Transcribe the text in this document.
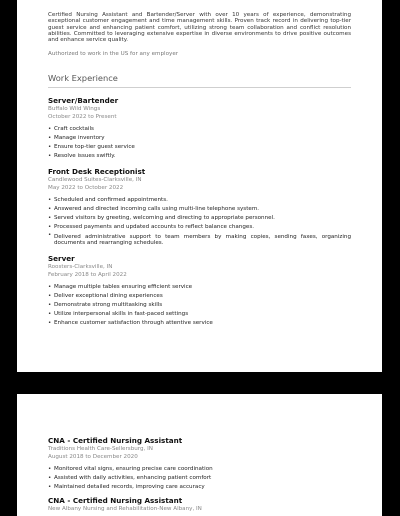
Certified Nursing Assistant and Bartender/Server with over 10 years of experience, demonstrating exceptional customer engagement and time management skills. Proven track record in delivering top-tier guest service and enhancing patient comfort, utilizing strong team collaboration and conflict resolution abilities. Committed to leveraging extensive expertise in diverse environments to drive positive outcomes and enhance service quality.

Authorized to work in the US for any employer

Work Experience

Server/Bartender

Buffalo Wild Wings

October 2022 to Present

• Craft cocktails
• Manage inventory
• Ensure top-tier guest service
• Resolve issues swiftly.

Front Desk Receptionist

Candlewood Suites-Clarksville, IN

May 2022 to October 2022

• Scheduled and confirmed appointments.
• Answered and directed incoming calls using multi-line telephone system.
• Served visitors by greeting, welcoming and directing to appropriate personnel.
• Processed payments and updated accounts to reflect balance changes.
• Delivered administrative support to team members by making copies, sending faxes, organizing documents and rearranging schedules.

Server

Roosters-Clarksville, IN

February 2018 to April 2022

• Manage multiple tables ensuring efficient service
• Deliver exceptional dining experiences
• Demonstrate strong multitasking skills
• Utilize interpersonal skills in fast-paced settings
• Enhance customer satisfaction through attentive service

CNA - Certified Nursing Assistant

Traditions Health Care-Sellersburg, IN

August 2018 to December 2020

• Monitored vital signs, ensuring precise care coordination
• Assisted with daily activities, enhancing patient comfort
• Maintained detailed records, improving care accuracy

CNA - Certified Nursing Assistant

New Albany Nursing and Rehabilitation-New Albany, IN
